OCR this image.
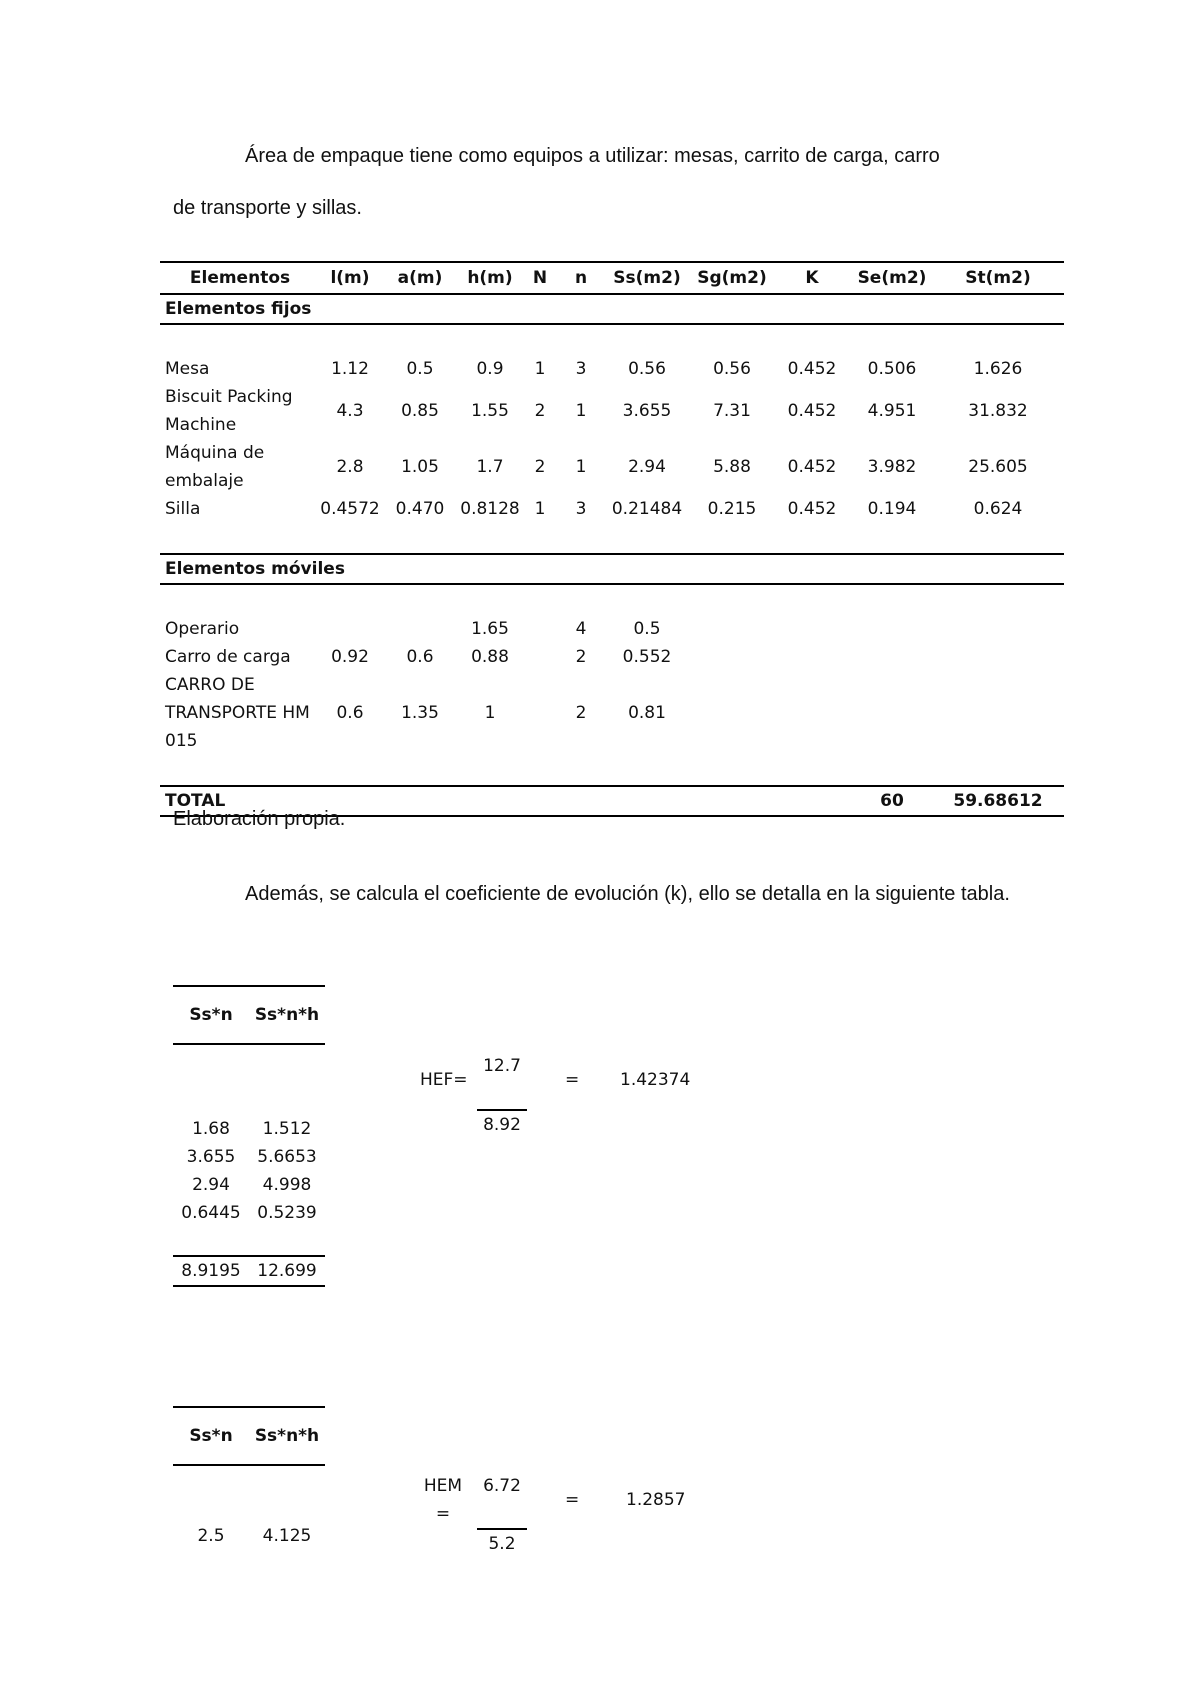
Área de empaque tiene como equipos a utilizar: mesas, carrito de carga, carro
de transporte y sillas.

Elementos	l(m)	a(m)	h(m)	N	n	Ss(m2)	Sg(m2)	K	Se(m2)	St(m2)
Elementos fijos										

Mesa	1.12	0.5	0.9	1	3	0.56	0.56	0.452	0.506	1.626
Biscuit Packing Machine	4.3	0.85	1.55	2	1	3.655	7.31	0.452	4.951	31.832
Máquina de embalaje	2.8	1.05	1.7	2	1	2.94	5.88	0.452	3.982	25.605
Silla	0.4572	0.470	0.8128	1	3	0.21484	0.215	0.452	0.194	0.624

Elementos móviles										

Operario			1.65		4	0.5				
Carro de carga	0.92	0.6	0.88		2	0.552				
CARRO DE TRANSPORTE HM 015	0.6	1.35	1		2	0.81				

TOTAL									60	59.68612
Elaboración propia.

Además, se calcula el coeficiente de evolución (k), ello se detalla en la siguiente tabla.

Ss*n	Ss*n*h

1.68	1.512
3.655	5.6653
2.94	4.998
0.6445	0.5239

8.9195	12.699
HEF=
12.7
8.92
= 1.42374
Ss*n	Ss*n*h

2.5	4.125
HEM =
6.72
5.2
=	1.2857
